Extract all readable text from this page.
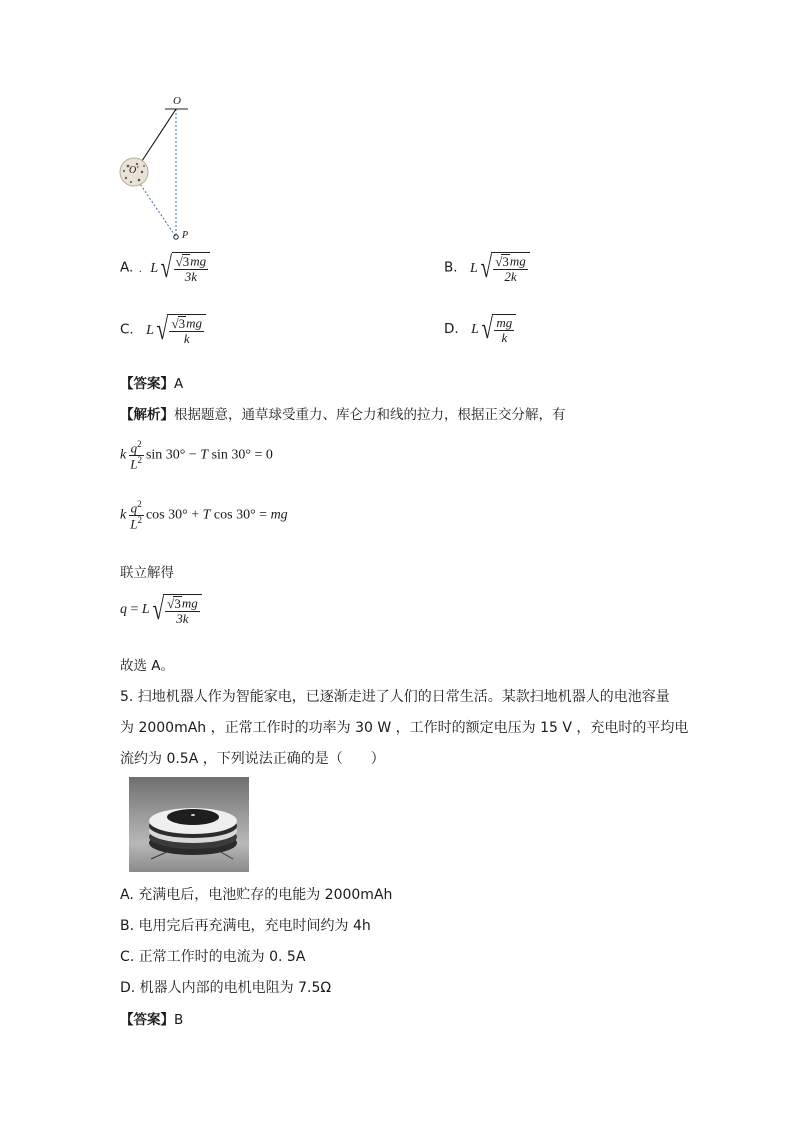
O
P
O'
A. . L √ $\frac{√ 3 mg}{3k}$	B. L √ $\frac{√ 3 mg}{2k}$
C. L √ $\frac{√ 3 mg}{k}$	D. L √ $\frac{mg}{k}$
【答案】A
【解析】根据题意，通草球受重力、库仑力和线的拉力，根据正交分解，有
k $\frac{q^2}{L^2}$ sin 30° − T sin 30° = 0
k $\frac{q^2}{L^2}$ cos 30° + T cos 30° = mg
联立解得
q = L √ $\frac{√ 3 mg}{3k}$
故选 A。
5. 扫地机器人作为智能家电，已逐渐走进了人们的日常生活。某款扫地机器人的电池容量
为 2000mAh ，正常工作时的功率为 30 W ，工作时的额定电压为 15 V ，充电时的平均电
流约为 0.5A ，下列说法正确的是（　　）
A. 充满电后，电池贮存的电能为 2000mAh
B. 电用完后再充满电，充电时间约为 4h
C. 正常工作时的电流为 0. 5A
D. 机器人内部的电机电阻为 7.5Ω
【答案】B
